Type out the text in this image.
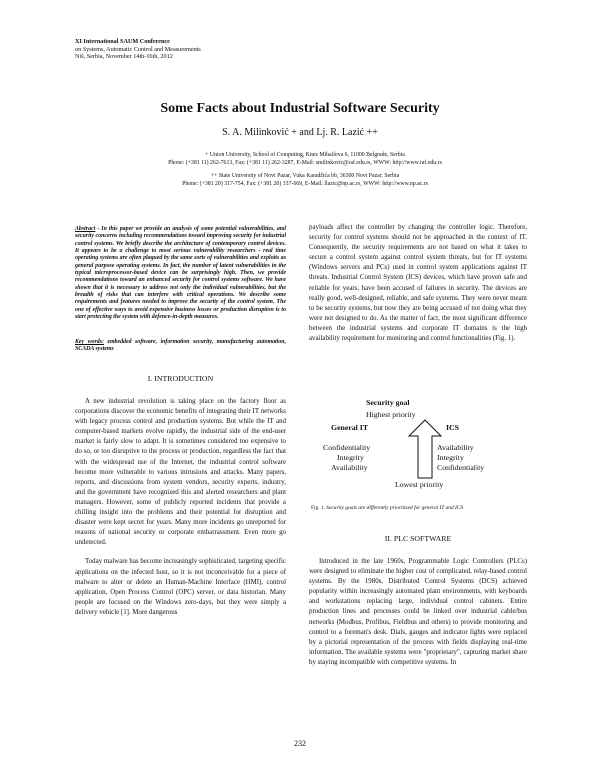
XI International SAUM Conference
on Systems, Automatic Control and Measurements
Niš, Serbia, November 14th-16th, 2012
Some Facts about Industrial Software Security
S. A. Milinković + and Lj. R. Lazić ++
+ Union University, School of Computing, Knez Mihailova 6, 11000 Belgrade, Serbia
Phone: (+381 11) 262-7613, Fax: (+381 11) 262-3287, E-Mail: smilinkovic@raf.edu.rs, WWW: http://www.raf.edu.rs
++ State University of Novi Pazar, Vuka Karadžića bb, 36300 Novi Pazar, Serbia
Phone: (+381 20) 317-754, Fax: (+381 20) 337-669, E-Mail: llazic@np.ac.rs, WWW: http://www.np.ac.rs
Abstract - In this paper we provide an analysis of some potential vulnerabilities, and security concerns including recommendations toward improving security for industrial control systems. We briefly describe the architecture of contemporary control devices. It appears to be a challenge to most serious vulnerability researchers - real time operating systems are often plagued by the same sorts of vulnerabilities and exploits as general purpose operating systems. In fact, the number of latent vulnerabilities in the typical microprocessor-based device can be surprisingly high. Then, we provide recommendations toward an enhanced security for control systems software. We have shown that it is necessary to address not only the individual vulnerabilities, but the breadth of risks that can interfere with critical operations. We describe some requirements and features needed to improve the security of the control system. The one of effective ways to avoid expensive business losses or production disruption is to start protecting the system with defence-in-depth measures.
Key words: embedded software, information security, manufacturing automation, SCADA systems
I. INTRODUCTION

A new industrial revolution is taking place on the factory floor as corporations discover the economic benefits of integrating their IT networks with legacy process control and production systems. But while the IT and computer-based markets evolve rapidly, the industrial side of the end-user market is fairly slow to adapt. It is sometimes considered too expensive to do so, or too disruptive to the process or production, regardless the fact that with the widespread use of the Internet, the industrial control software become more vulnerable to various intrusions and attacks. Many papers, reports, and discussions from system vendors, security experts, industry, and the government have recognized this and alerted researchers and plant managers. However, some of publicly reported incidents that provide a chilling insight into the problems and their potential for disruption and disaster were kept secret for years. Many more incidents go unreported for reasons of national security or corporate embarrassment. Even more go undetected.

Today malware has become increasingly sophisticated, targeting specific applications on the infected host, so it is not inconceivable for a piece of malware to alter or delete an Human-Machine Interface (HMI), control application, Open Process Control (OPC) server, or data historian. Many people are focused on the Windows zero-days, but they were simply a delivery vehicle [1]. More dangerous

payloads affect the controller by changing the controller logic. Therefore, security for control systems should not be approached in the context of IT. Consequently, the security requirements are not based on what it takes to secure a control system against control system threats, but for IT systems (Windows servers and PCs) used in control system applications against IT threats. Industrial Control System (ICS) devices, which have proven safe and reliable for years, have been accused of failures in security. The devices are really good, well-designed, reliable, and safe systems. They were never meant to be security systems, but now they are being accused of not doing what they were not designed to do. As the matter of fact, the most significant difference between the industrial systems and corporate IT domains is the high availability requirement for monitoring and control functionalities (Fig. 1).
Security goal
Highest priority
General IT	ICS
Confidentiality
Integrity
Availability
Availability
Integrity
Confidentiality
Lowest priority
Fig. 1. Security goals are differently prioritized for general IT and ICS
II. PLC SOFTWARE

Introduced in the late 1960s, Programmable Logic Controllers (PLCs) were designed to eliminate the higher cost of complicated, relay-based control systems. By the 1980s, Distributed Control Systems (DCS) achieved popularity within increasingly automated plant environments, with keyboards and workstations replacing large, individual control cabinets. Entire production lines and processes could be linked over industrial cable/bus networks (Modbus, Profibus, Fieldbus and others) to provide monitoring and control to a foreman's desk. Dials, gauges and indicator lights were replaced by a pictorial representation of the process with fields displaying real-time information. The available systems were "proprietary", capturing market share by staying incompatible with competitive systems. In

232
